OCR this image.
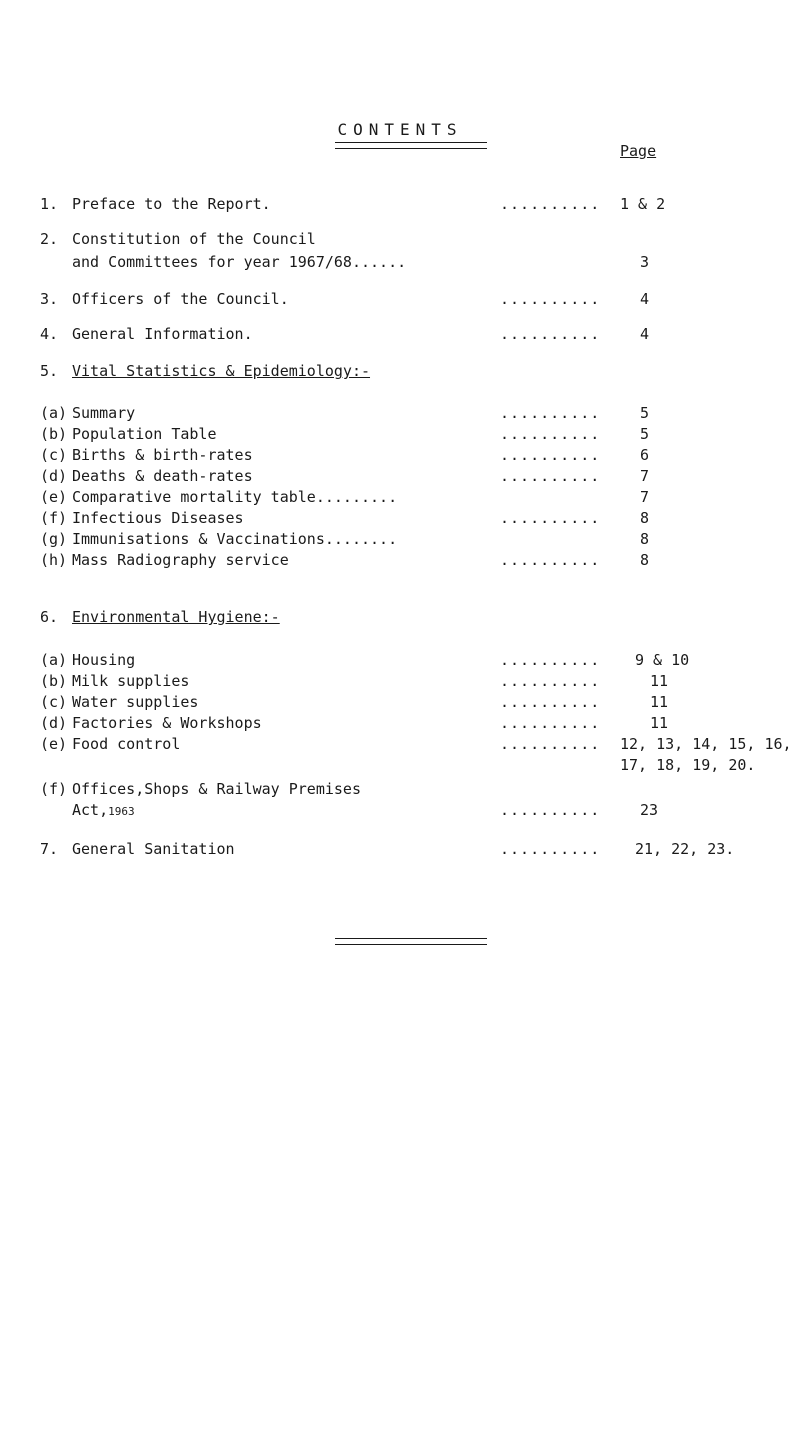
CONTENTS
Page
1. Preface to the Report.	.......... 1 & 2
2. Constitution of the Council
and Committees for year 1967/68......	3
3. Officers of the Council.	..........	4
4. General Information.	..........	4
5. Vital Statistics & Epidemiology:-
(a) Summary	..........	5
(b) Population Table	..........	5
(c) Births & birth-rates	..........	6
(d) Deaths & death-rates	..........	7
(e) Comparative mortality table.........	7
(f) Infectious Diseases	..........	8
(g) Immunisations & Vaccinations........	8
(h) Mass Radiography service	..........	8
6. Environmental Hygiene:-
(a) Housing	.......... 9 & 10
(b) Milk supplies	..........	11
(c) Water supplies	..........	11
(d) Factories & Workshops	..........	11
(e) Food control	.......... 12, 13, 14, 15, 16,
17, 18, 19, 20.
(f) Offices,Shops & Railway Premises
Act,1963	..........	23
7. General Sanitation	.......... 21, 22, 23.
